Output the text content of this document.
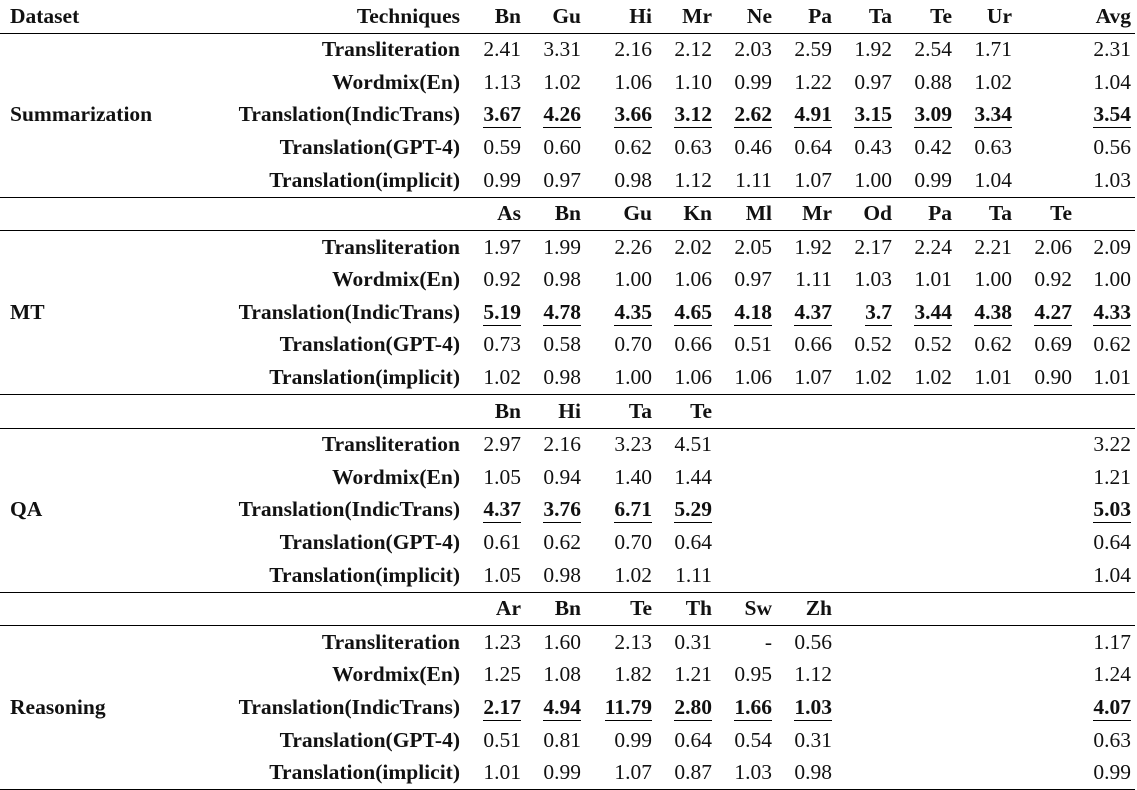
Dataset	Techniques	Bn	Gu	Hi	Mr	Ne	Pa	Ta	Te	Ur		Avg
	Transliteration	2.41	3.31	2.16	2.12	2.03	2.59	1.92	2.54	1.71		2.31
	Wordmix(En)	1.13	1.02	1.06	1.10	0.99	1.22	0.97	0.88	1.02		1.04
Summarization	Translation(IndicTrans)	3.67	4.26	3.66	3.12	2.62	4.91	3.15	3.09	3.34		3.54
	Translation(GPT-4)	0.59	0.60	0.62	0.63	0.46	0.64	0.43	0.42	0.63		0.56
	Translation(implicit)	0.99	0.97	0.98	1.12	1.11	1.07	1.00	0.99	1.04		1.03
		As	Bn	Gu	Kn	Ml	Mr	Od	Pa	Ta	Te	
	Transliteration	1.97	1.99	2.26	2.02	2.05	1.92	2.17	2.24	2.21	2.06	2.09
	Wordmix(En)	0.92	0.98	1.00	1.06	0.97	1.11	1.03	1.01	1.00	0.92	1.00
MT	Translation(IndicTrans)	5.19	4.78	4.35	4.65	4.18	4.37	3.7	3.44	4.38	4.27	4.33
	Translation(GPT-4)	0.73	0.58	0.70	0.66	0.51	0.66	0.52	0.52	0.62	0.69	0.62
	Translation(implicit)	1.02	0.98	1.00	1.06	1.06	1.07	1.02	1.02	1.01	0.90	1.01
		Bn	Hi	Ta	Te							
	Transliteration	2.97	2.16	3.23	4.51							3.22
	Wordmix(En)	1.05	0.94	1.40	1.44							1.21
QA	Translation(IndicTrans)	4.37	3.76	6.71	5.29							5.03
	Translation(GPT-4)	0.61	0.62	0.70	0.64							0.64
	Translation(implicit)	1.05	0.98	1.02	1.11							1.04
		Ar	Bn	Te	Th	Sw	Zh					
	Transliteration	1.23	1.60	2.13	0.31	-	0.56					1.17
	Wordmix(En)	1.25	1.08	1.82	1.21	0.95	1.12					1.24
Reasoning	Translation(IndicTrans)	2.17	4.94	11.79	2.80	1.66	1.03					4.07
	Translation(GPT-4)	0.51	0.81	0.99	0.64	0.54	0.31					0.63
	Translation(implicit)	1.01	0.99	1.07	0.87	1.03	0.98					0.99
